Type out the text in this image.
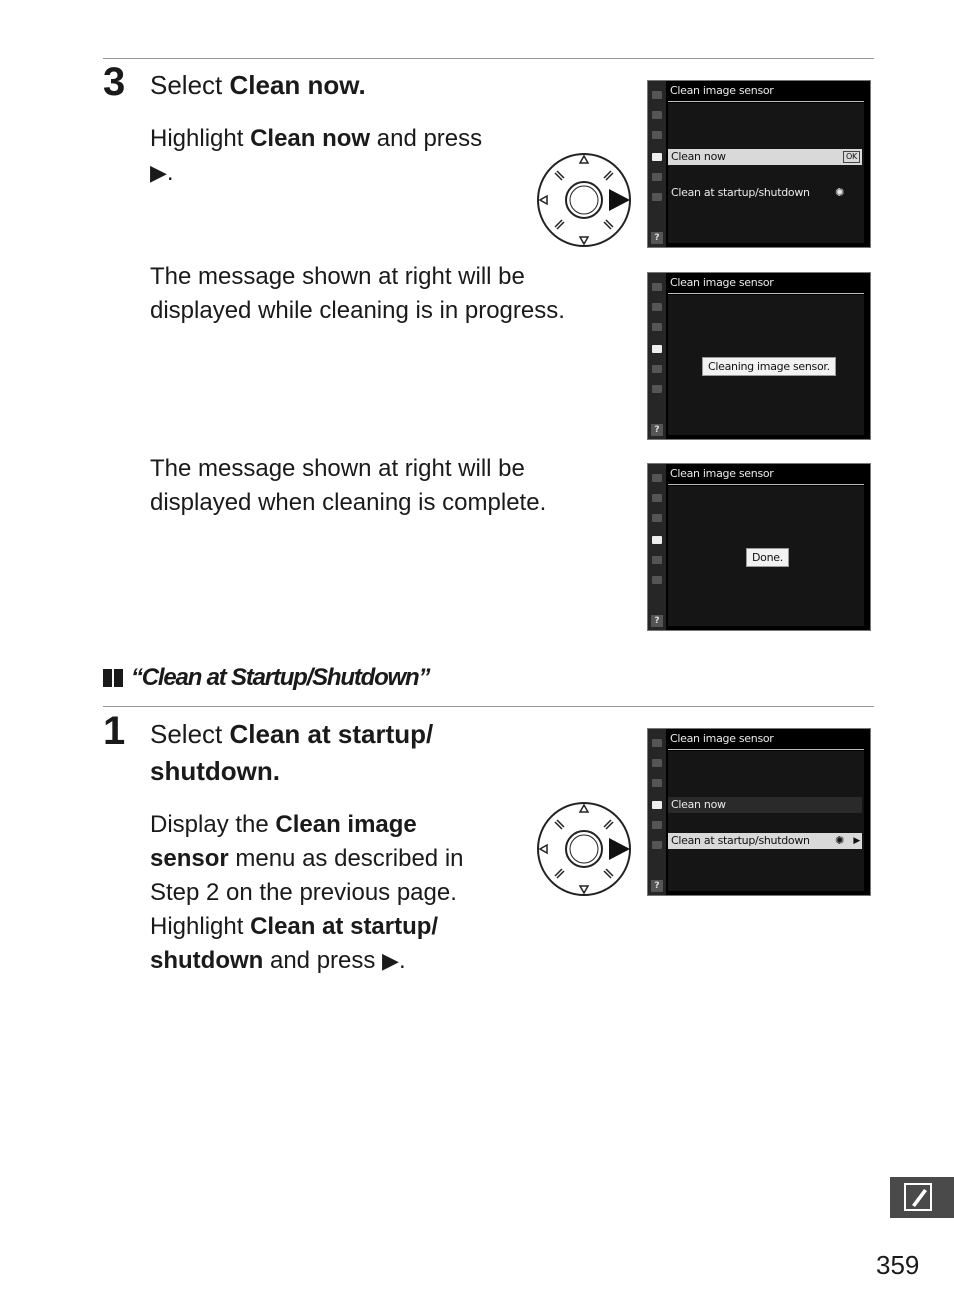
3 Select Clean now.
Highlight Clean now and press
▶.
?
Clean image sensor
Clean now	OK
Clean at startup/shutdown ✺
The message shown at right will be
displayed while cleaning is in progress.
?
Clean image sensor
Cleaning image sensor.
The message shown at right will be
displayed when cleaning is complete.
?
Clean image sensor
Done.
“Clean at Startup/Shutdown”
1 Select Clean at startup/
shutdown.
Display the Clean image
sensor menu as described in
Step 2 on the previous page.
Highlight Clean at startup/
shutdown and press ▶.
?
Clean image sensor
Clean now
Clean at startup/shutdown ✺ ▶
359
